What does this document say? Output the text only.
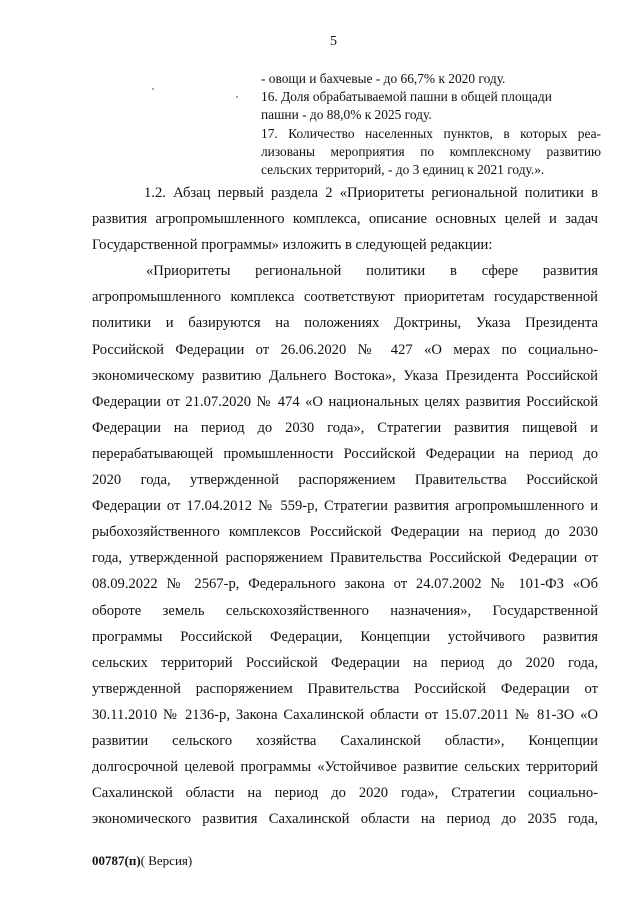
5
- овощи и бахчевые - до 66,7% к 2020 году.
16. Доля обрабатываемой пашни в общей площади
пашни - до 88,0% к 2025 году.
17. Количество населенных пунктов, в которых реа-
лизованы мероприятия по комплексному развитию
сельских территорий, - до 3 единиц к 2021 году.».
1.2. Абзац первый раздела 2 «Приоритеты региональной политики в
развития агропромышленного комплекса, описание основных целей и задач
Государственной программы» изложить в следующей редакции:
«Приоритеты региональной политики в сфере развития
агропромышленного комплекса соответствуют приоритетам государственной
политики и базируются на положениях Доктрины, Указа Президента
Российской Федерации от 26.06.2020 № 427 «О мерах по социально-
экономическому развитию Дальнего Востока», Указа Президента Российской
Федерации от 21.07.2020 № 474 «О национальных целях развития Российской
Федерации на период до 2030 года», Стратегии развития пищевой и
перерабатывающей промышленности Российской Федерации на период до
2020 года, утвержденной распоряжением Правительства Российской
Федерации от 17.04.2012 № 559-р, Стратегии развития агропромышленного и
рыбохозяйственного комплексов Российской Федерации на период до 2030
года, утвержденной распоряжением Правительства Российской Федерации от
08.09.2022 № 2567-р, Федерального закона от 24.07.2002 № 101-ФЗ «Об
обороте земель сельскохозяйственного назначения», Государственной
программы Российской Федерации, Концепции устойчивого развития
сельских территорий Российской Федерации на период до 2020 года,
утвержденной распоряжением Правительства Российской Федерации от
30.11.2010 № 2136-р, Закона Сахалинской области от 15.07.2011 № 81-ЗО «О
развитии сельского хозяйства Сахалинской области», Концепции
долгосрочной целевой программы «Устойчивое развитие сельских территорий
Сахалинской области на период до 2020 года», Стратегии социально-
экономического развития Сахалинской области на период до 2035 года,
00787(п)( Версия)
